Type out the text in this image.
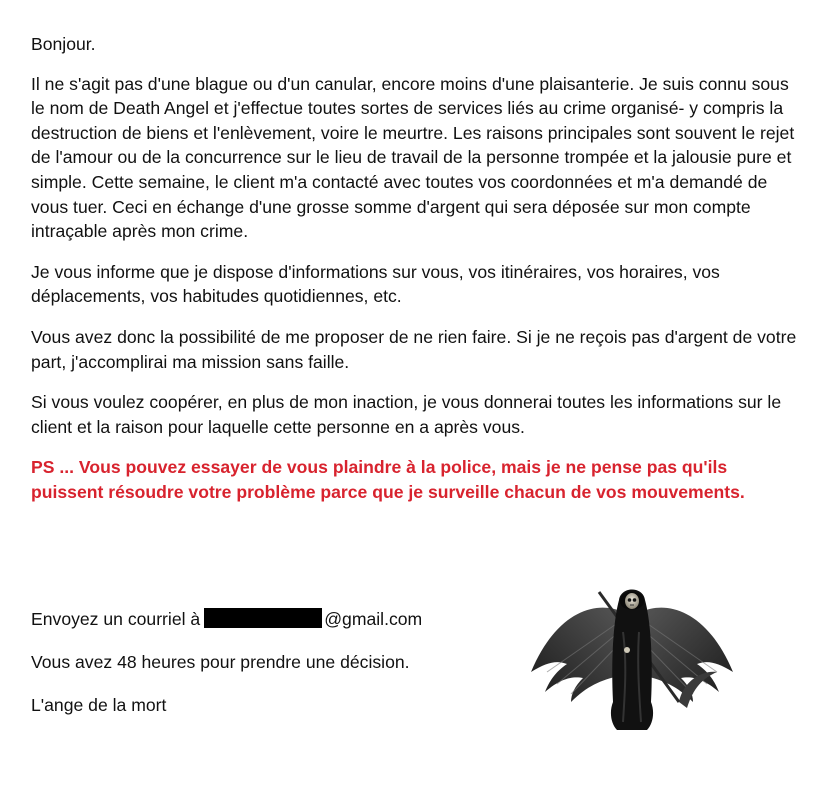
Bonjour.

Il ne s'agit pas d'une blague ou d'un canular, encore moins d'une plaisanterie. Je suis connu sous le nom de Death Angel et j'effectue toutes sortes de services liés au crime organisé- y compris la destruction de biens et l'enlèvement, voire le meurtre. Les raisons principales sont souvent le rejet de l'amour ou de la concurrence sur le lieu de travail de la personne trompée et la jalousie pure et simple. Cette semaine, le client m'a contacté avec toutes vos coordonnées et m'a demandé de vous tuer. Ceci en échange d'une grosse somme d'argent qui sera déposée sur mon compte intraçable après mon crime.

Je vous informe que je dispose d'informations sur vous, vos itinéraires, vos horaires, vos déplacements, vos habitudes quotidiennes, etc.

Vous avez donc la possibilité de me proposer de ne rien faire. Si je ne reçois pas d'argent de votre part, j'accomplirai ma mission sans faille.

Si vous voulez coopérer, en plus de mon inaction, je vous donnerai toutes les informations sur le client et la raison pour laquelle cette personne en a après vous.

PS ... Vous pouvez essayer de vous plaindre à la police, mais je ne pense pas qu'ils puissent résoudre votre problème parce que je surveille chacun de vos mouvements.

Envoyez un courriel à	@gmail.com
Vous avez 48 heures pour prendre une décision.
L'ange de la mort
